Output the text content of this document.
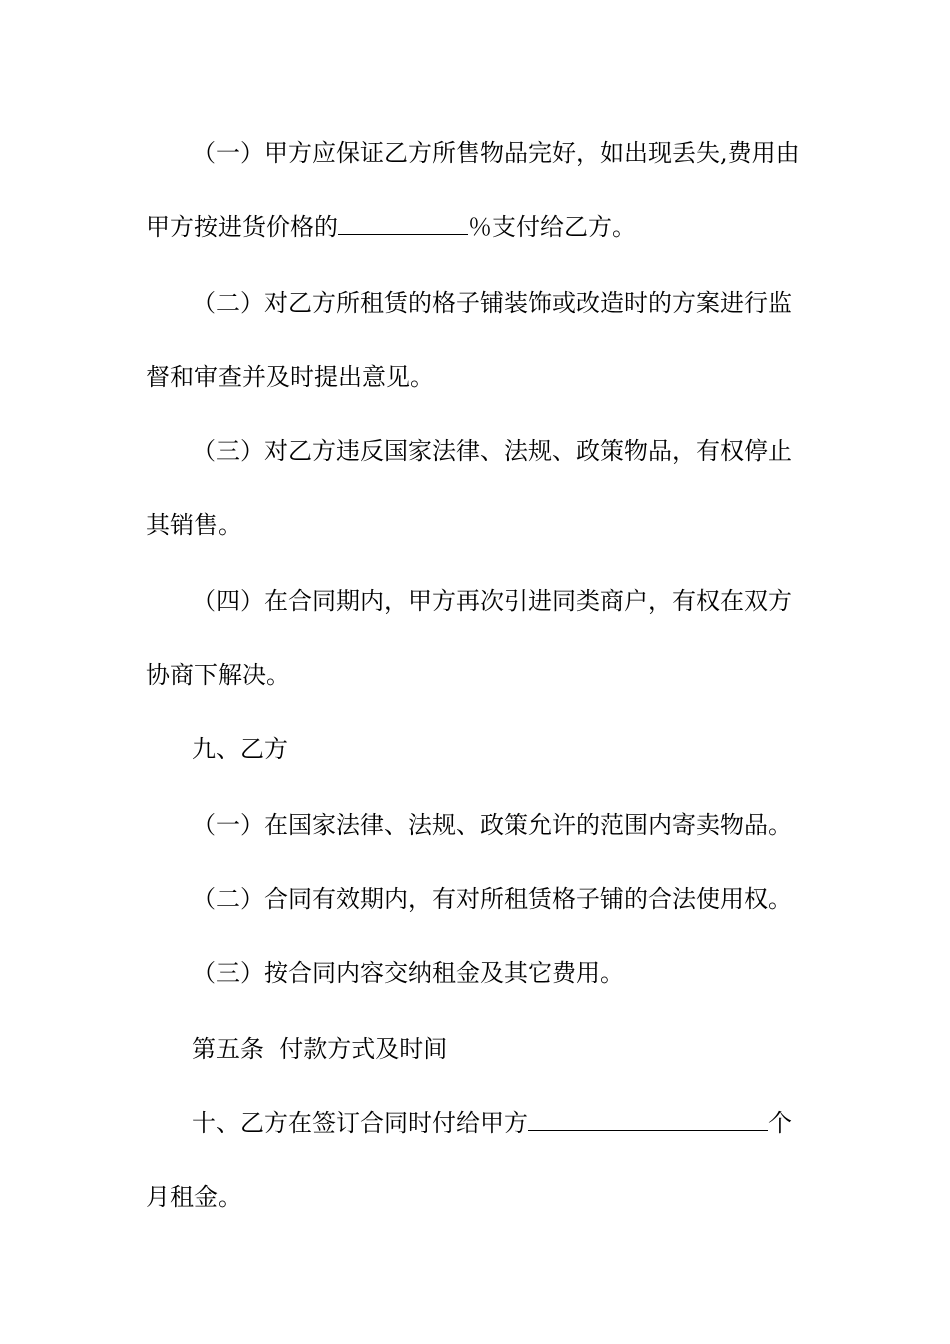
（一）甲方应保证乙方所售物品完好，如出现丢失,费用由
甲方按进货价格的	％支付给乙方。
（二）对乙方所租赁的格子铺装饰或改造时的方案进行监
督和审查并及时提出意见。
（三）对乙方违反国家法律、法规、政策物品，有权停止
其销售。
（四）在合同期内，甲方再次引进同类商户，有权在双方
协商下解决。
九、乙方
（一）在国家法律、法规、政策允许的范围内寄卖物品。
（二）合同有效期内，有对所租赁格子铺的合法使用权。
（三）按合同内容交纳租金及其它费用。
第五条  付款方式及时间
十、乙方在签订合同时付给甲方	个
月租金。
